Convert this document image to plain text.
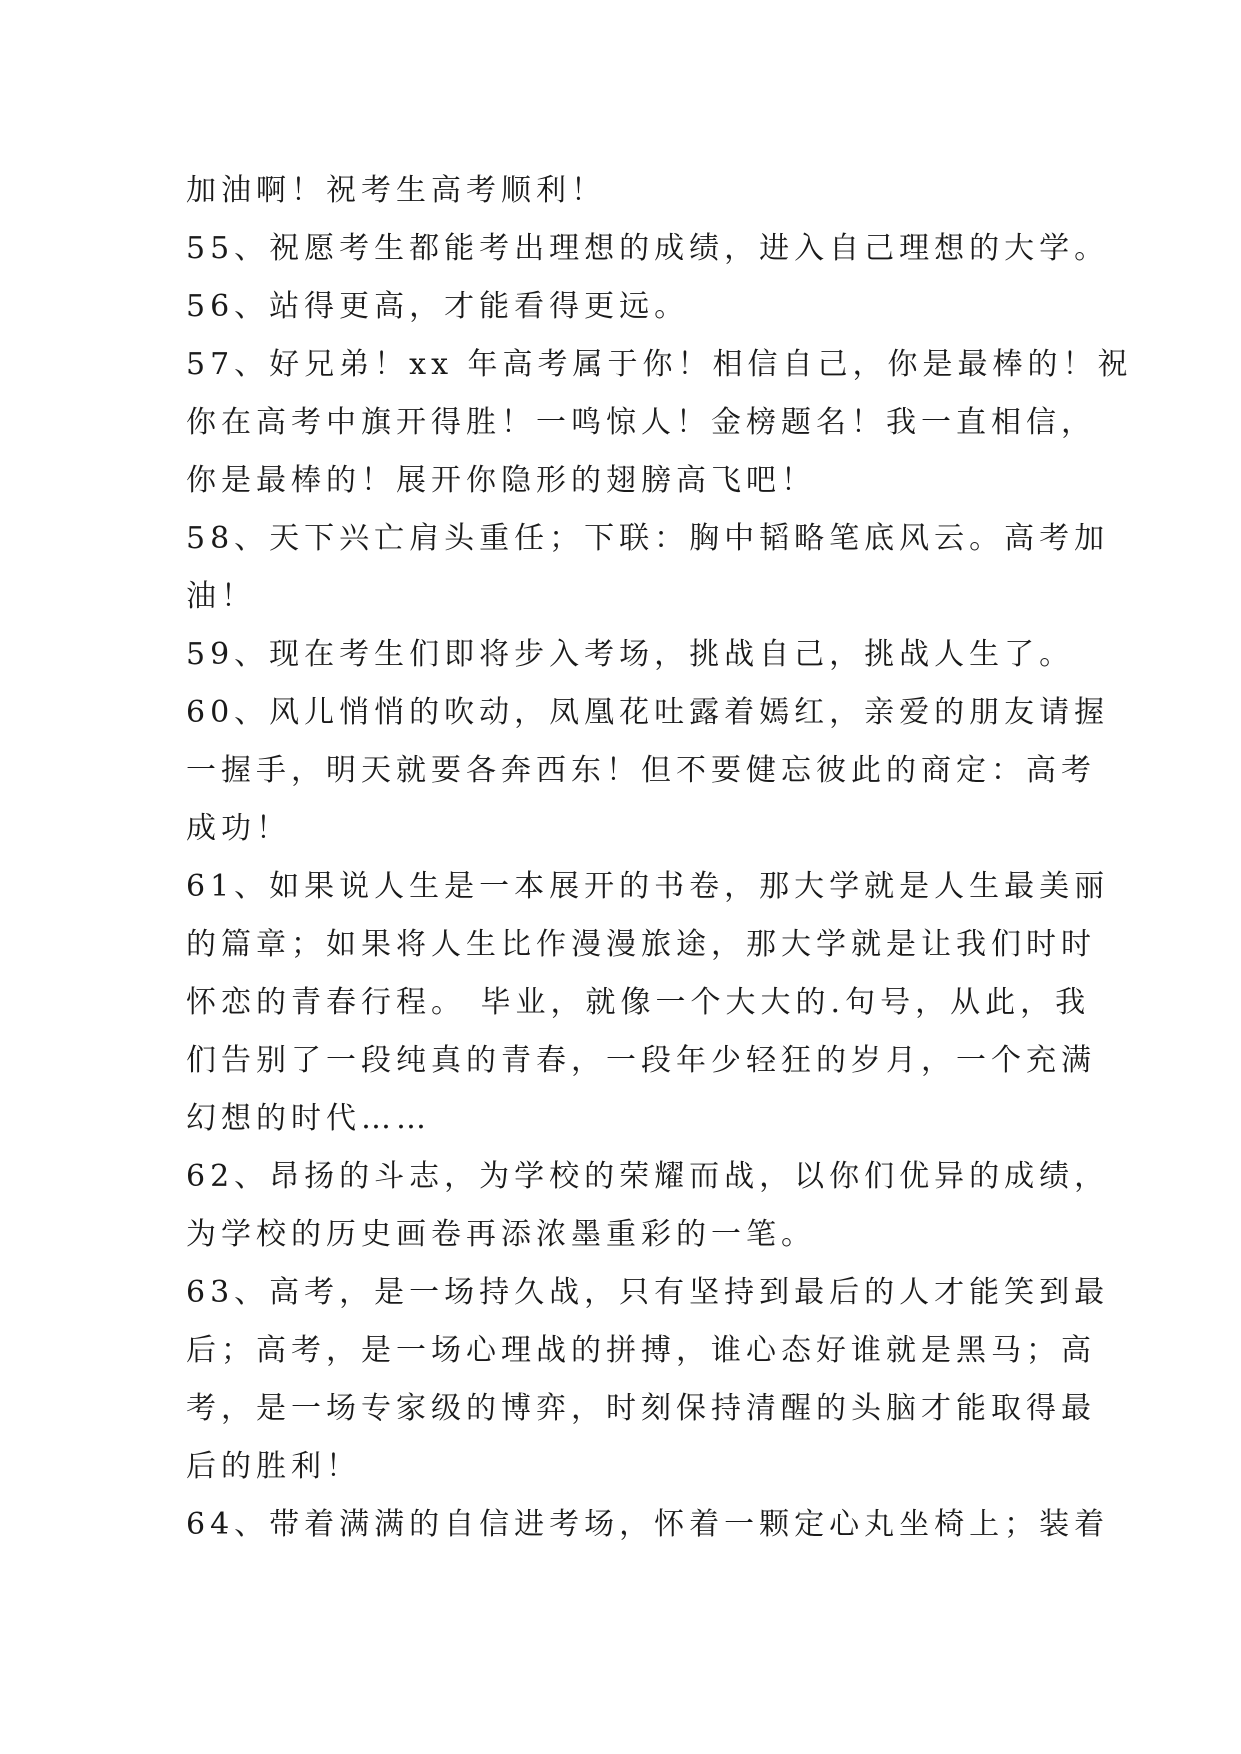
加油啊！祝考生高考顺利！
55、祝愿考生都能考出理想的成绩，进入自己理想的大学。
56、站得更高，才能看得更远。
57、好兄弟！xx 年高考属于你！相信自己，你是最棒的！祝
你在高考中旗开得胜！一鸣惊人！金榜题名！我一直相信，
你是最棒的！展开你隐形的翅膀高飞吧！
58、天下兴亡肩头重任；下联：胸中韬略笔底风云。高考加
油！
59、现在考生们即将步入考场，挑战自己，挑战人生了。
60、风儿悄悄的吹动，凤凰花吐露着嫣红，亲爱的朋友请握
一握手，明天就要各奔西东！但不要健忘彼此的商定：高考
成功！
61、如果说人生是一本展开的书卷，那大学就是人生最美丽
的篇章；如果将人生比作漫漫旅途，那大学就是让我们时时
怀恋的青春行程。 毕业，就像一个大大的.句号，从此，我
们告别了一段纯真的青春，一段年少轻狂的岁月，一个充满
幻想的时代……
62、昂扬的斗志，为学校的荣耀而战，以你们优异的成绩，
为学校的历史画卷再添浓墨重彩的一笔。
63、高考，是一场持久战，只有坚持到最后的人才能笑到最
后；高考，是一场心理战的拼搏，谁心态好谁就是黑马；高
考，是一场专家级的博弈，时刻保持清醒的头脑才能取得最
后的胜利！
64、带着满满的自信进考场，怀着一颗定心丸坐椅上；装着
